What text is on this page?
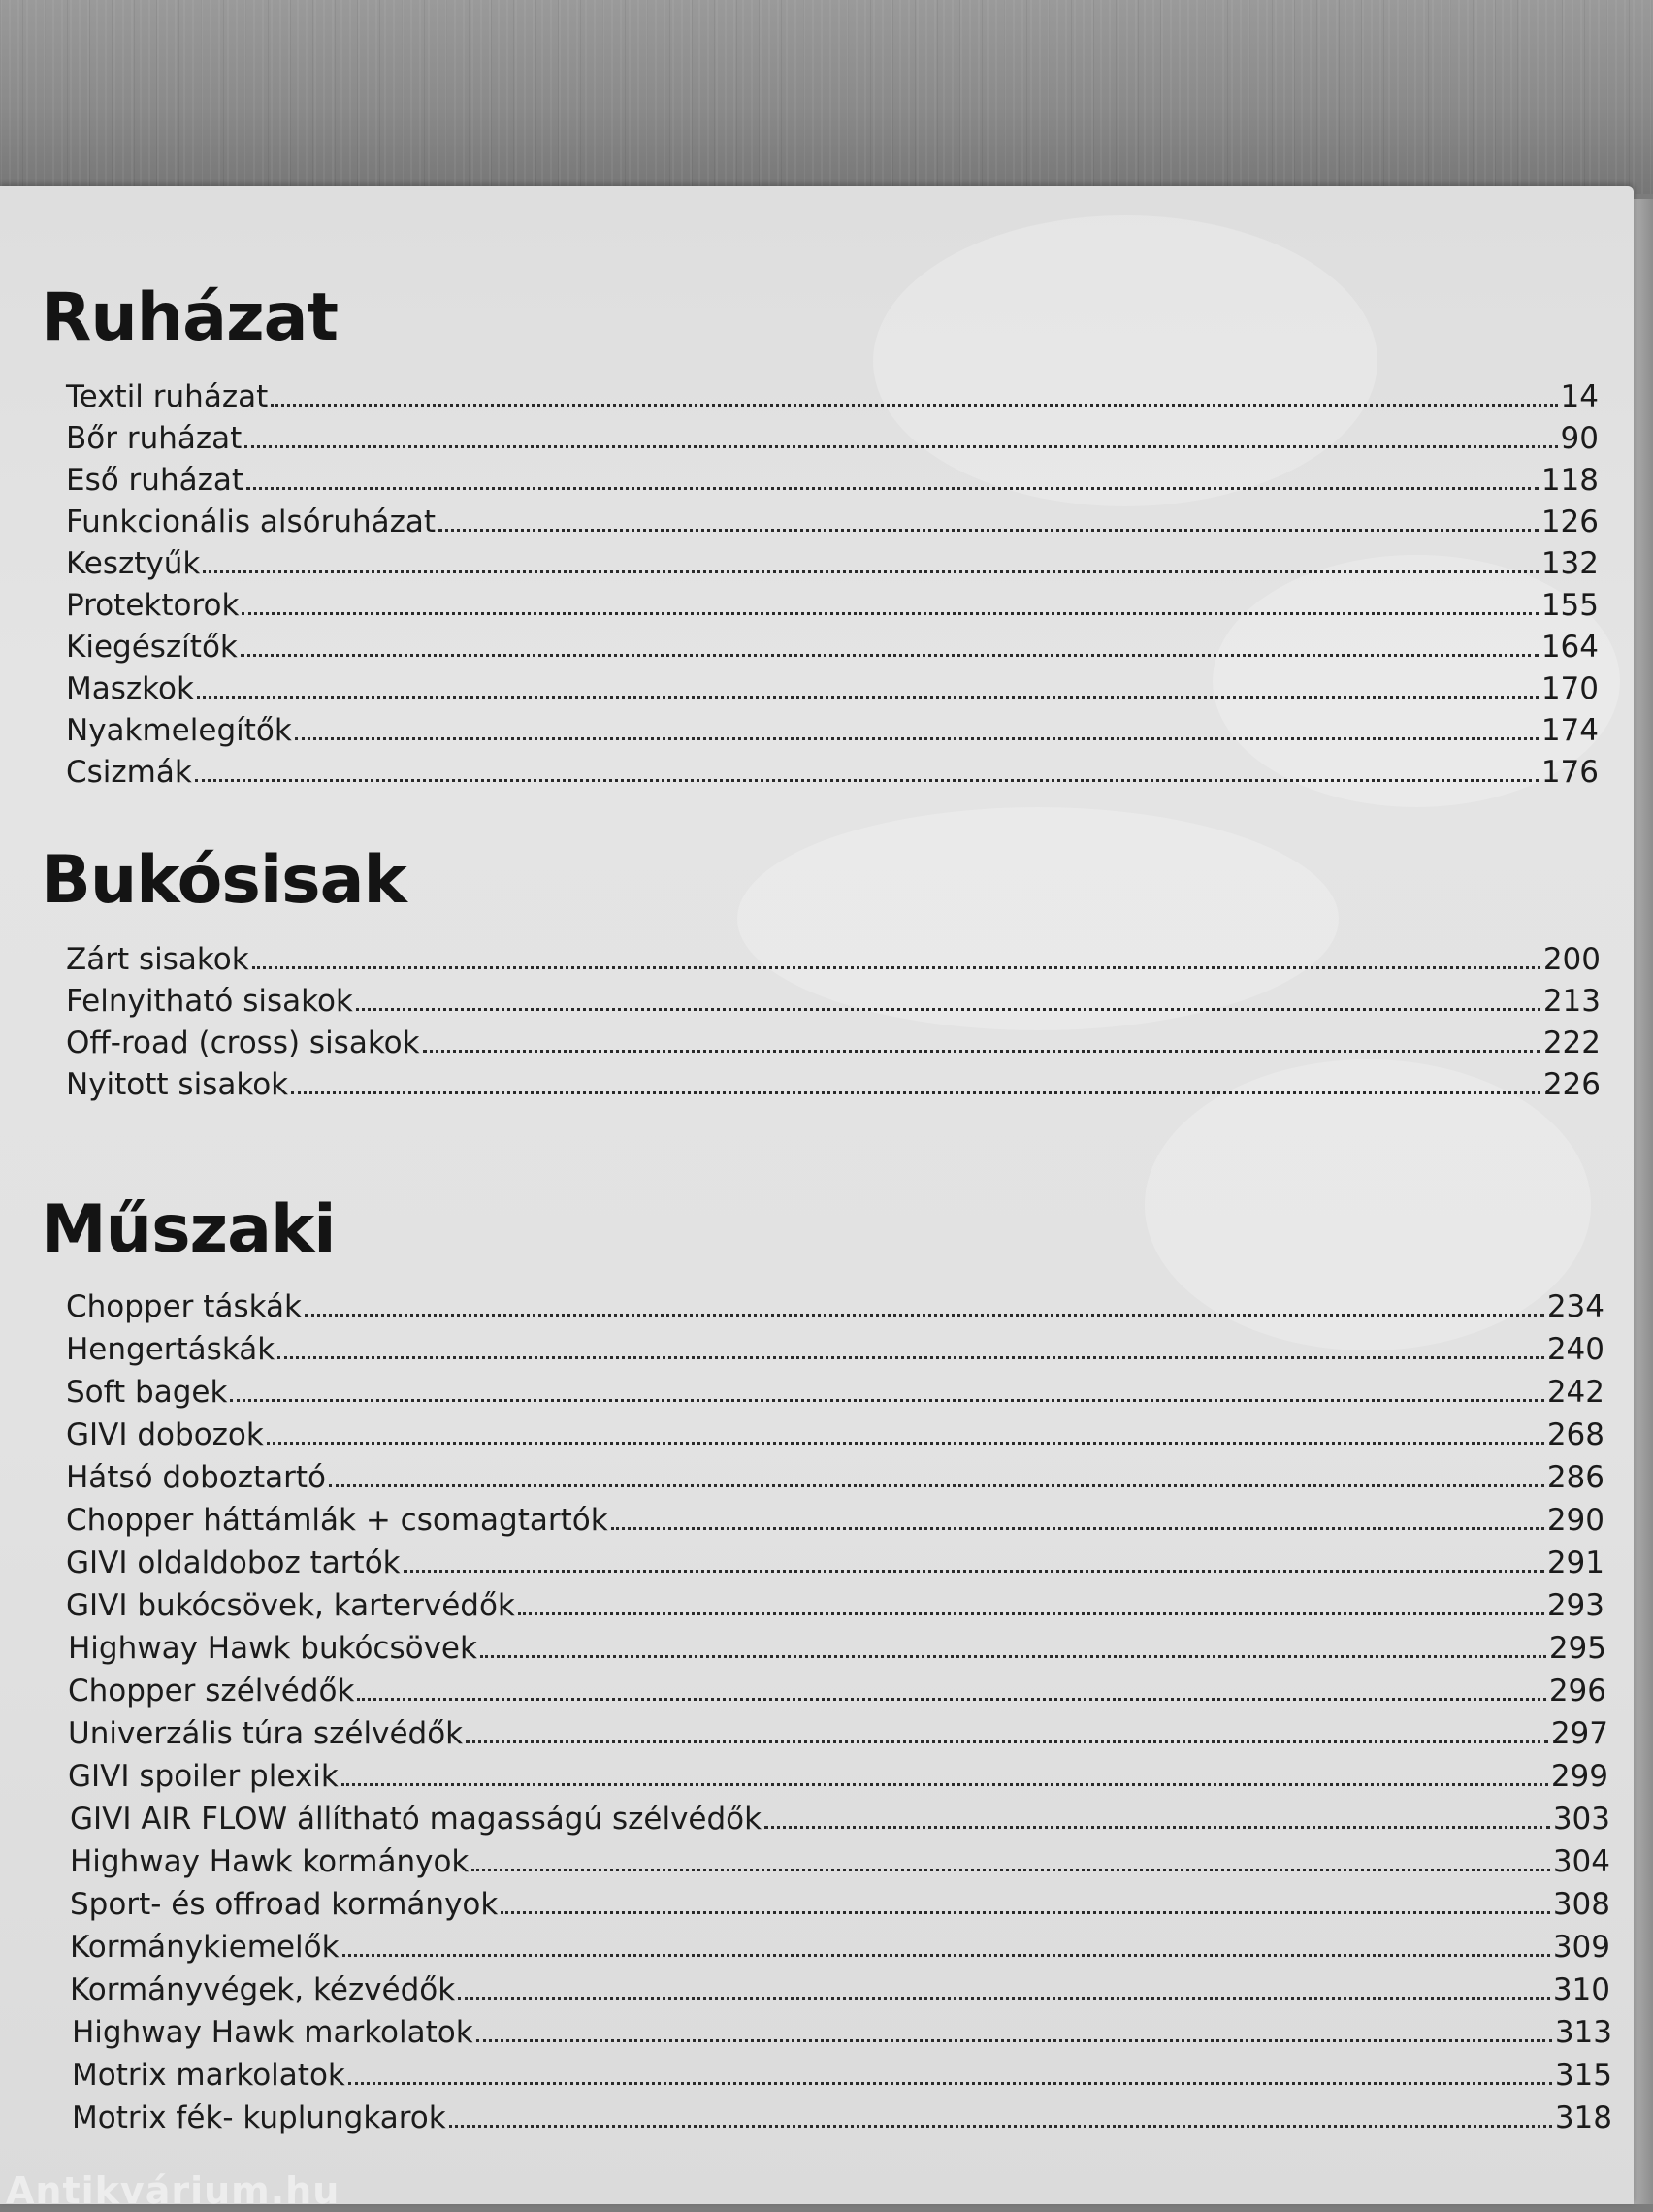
Ruházat
Textil ruházat	14
Bőr ruházat	90
Eső ruházat	118
Funkcionális alsóruházat	126
Kesztyűk	132
Protektorok	155
Kiegészítők	164
Maszkok	170
Nyakmelegítők	174
Csizmák	176
Bukósisak
Zárt sisakok	200
Felnyitható sisakok	213
Off-road (cross) sisakok	222
Nyitott sisakok	226
Műszaki
Chopper táskák	234
Hengertáskák	240
Soft bagek	242
GIVI dobozok	268
Hátsó doboztartó	286
Chopper háttámlák + csomagtartók	290
GIVI oldaldoboz tartók	291
GIVI bukócsövek, kartervédők	293
Highway Hawk bukócsövek	295
Chopper szélvédők	296
Univerzális túra szélvédők	297
GIVI spoiler plexik	299
GIVI AIR FLOW állítható magasságú szélvédők	303
Highway Hawk kormányok	304
Sport- és offroad kormányok	308
Kormánykiemelők	309
Kormányvégek, kézvédők	310
Highway Hawk markolatok	313
Motrix markolatok	315
Motrix fék- kuplungkarok	318
Antikvárium.hu
